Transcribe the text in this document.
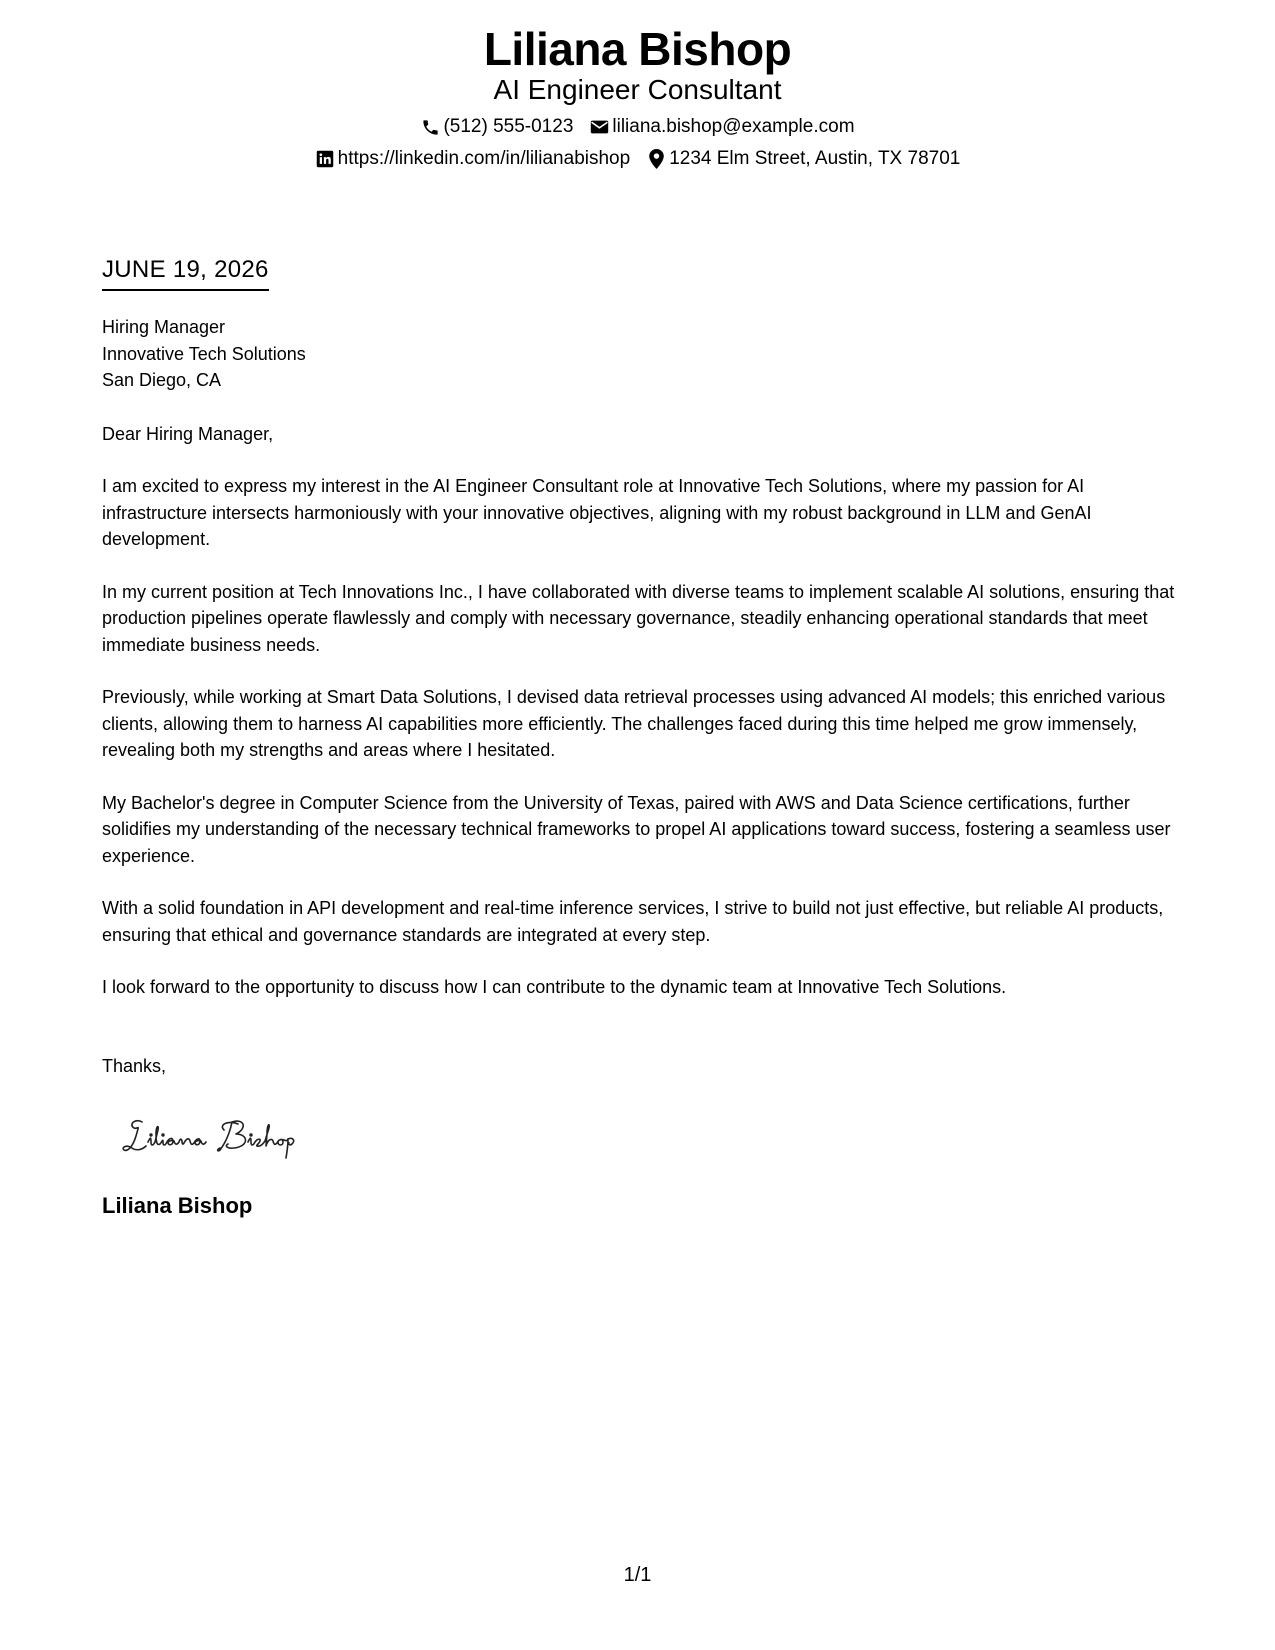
Liliana Bishop
AI Engineer Consultant
(512) 555-0123 liliana.bishop@example.com
https://linkedin.com/in/lilianabishop 1234 Elm Street, Austin, TX 78701
JUNE 19, 2026
Hiring Manager
Innovative Tech Solutions
San Diego, CA
Dear Hiring Manager,
I am excited to express my interest in the AI Engineer Consultant role at Innovative Tech Solutions, where my passion for AI infrastructure intersects harmoniously with your innovative objectives, aligning with my robust background in LLM and GenAI development.
In my current position at Tech Innovations Inc., I have collaborated with diverse teams to implement scalable AI solutions, ensuring that production pipelines operate flawlessly and comply with necessary governance, steadily enhancing operational standards that meet immediate business needs.
Previously, while working at Smart Data Solutions, I devised data retrieval processes using advanced AI models; this enriched various clients, allowing them to harness AI capabilities more efficiently. The challenges faced during this time helped me grow immensely, revealing both my strengths and areas where I hesitated.
My Bachelor's degree in Computer Science from the University of Texas, paired with AWS and Data Science certifications, further solidifies my understanding of the necessary technical frameworks to propel AI applications toward success, fostering a seamless user experience.
With a solid foundation in API development and real-time inference services, I strive to build not just effective, but reliable AI products, ensuring that ethical and governance standards are integrated at every step.
I look forward to the opportunity to discuss how I can contribute to the dynamic team at Innovative Tech Solutions.
Thanks,
Liliana Bishop
1/1
